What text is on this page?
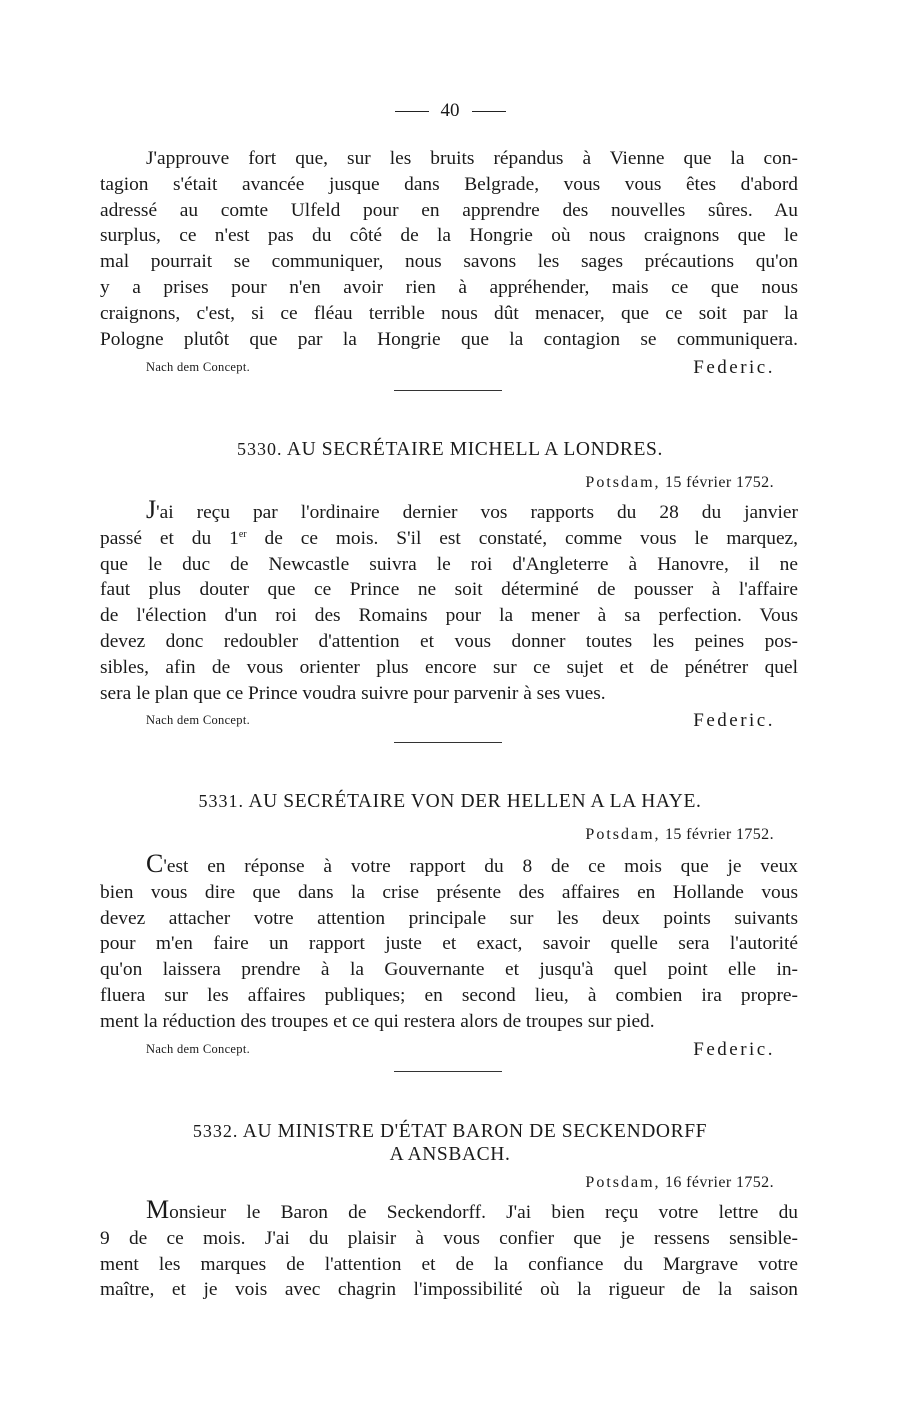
40
J'approuve fort que, sur les bruits répandus à Vienne que la con-
tagion s'était avancée jusque dans Belgrade, vous vous êtes d'abord
adressé au comte Ulfeld pour en apprendre des nouvelles sûres. Au
surplus, ce n'est pas du côté de la Hongrie où nous craignons que le
mal pourrait se communiquer, nous savons les sages précautions qu'on
y a prises pour n'en avoir rien à appréhender, mais ce que nous
craignons, c'est, si ce fléau terrible nous dût menacer, que ce soit par la
Pologne plutôt que par la Hongrie que la contagion se communiquera.
Nach dem Concept.	Federic.
5330. AU SECRÉTAIRE MICHELL A LONDRES.
Potsdam, 15 février 1752.
J'ai reçu par l'ordinaire dernier vos rapports du 28 du janvier
passé et du 1er de ce mois. S'il est constaté, comme vous le marquez,
que le duc de Newcastle suivra le roi d'Angleterre à Hanovre, il ne
faut plus douter que ce Prince ne soit déterminé de pousser à l'affaire
de l'élection d'un roi des Romains pour la mener à sa perfection. Vous
devez donc redoubler d'attention et vous donner toutes les peines pos-
sibles, afin de vous orienter plus encore sur ce sujet et de pénétrer quel
sera le plan que ce Prince voudra suivre pour parvenir à ses vues.
Nach dem Concept.	Federic.
5331. AU SECRÉTAIRE VON DER HELLEN A LA HAYE.
Potsdam, 15 février 1752.
C'est en réponse à votre rapport du 8 de ce mois que je veux
bien vous dire que dans la crise présente des affaires en Hollande vous
devez attacher votre attention principale sur les deux points suivants
pour m'en faire un rapport juste et exact, savoir quelle sera l'autorité
qu'on laissera prendre à la Gouvernante et jusqu'à quel point elle in-
fluera sur les affaires publiques; en second lieu, à combien ira propre-
ment la réduction des troupes et ce qui restera alors de troupes sur pied.
Nach dem Concept.	Federic.
5332. AU MINISTRE D'ÉTAT BARON DE SECKENDORFF
A ANSBACH.
Potsdam, 16 février 1752.
Monsieur le Baron de Seckendorff. J'ai bien reçu votre lettre du
9 de ce mois. J'ai du plaisir à vous confier que je ressens sensible-
ment les marques de l'attention et de la confiance du Margrave votre
maître, et je vois avec chagrin l'impossibilité où la rigueur de la saison
